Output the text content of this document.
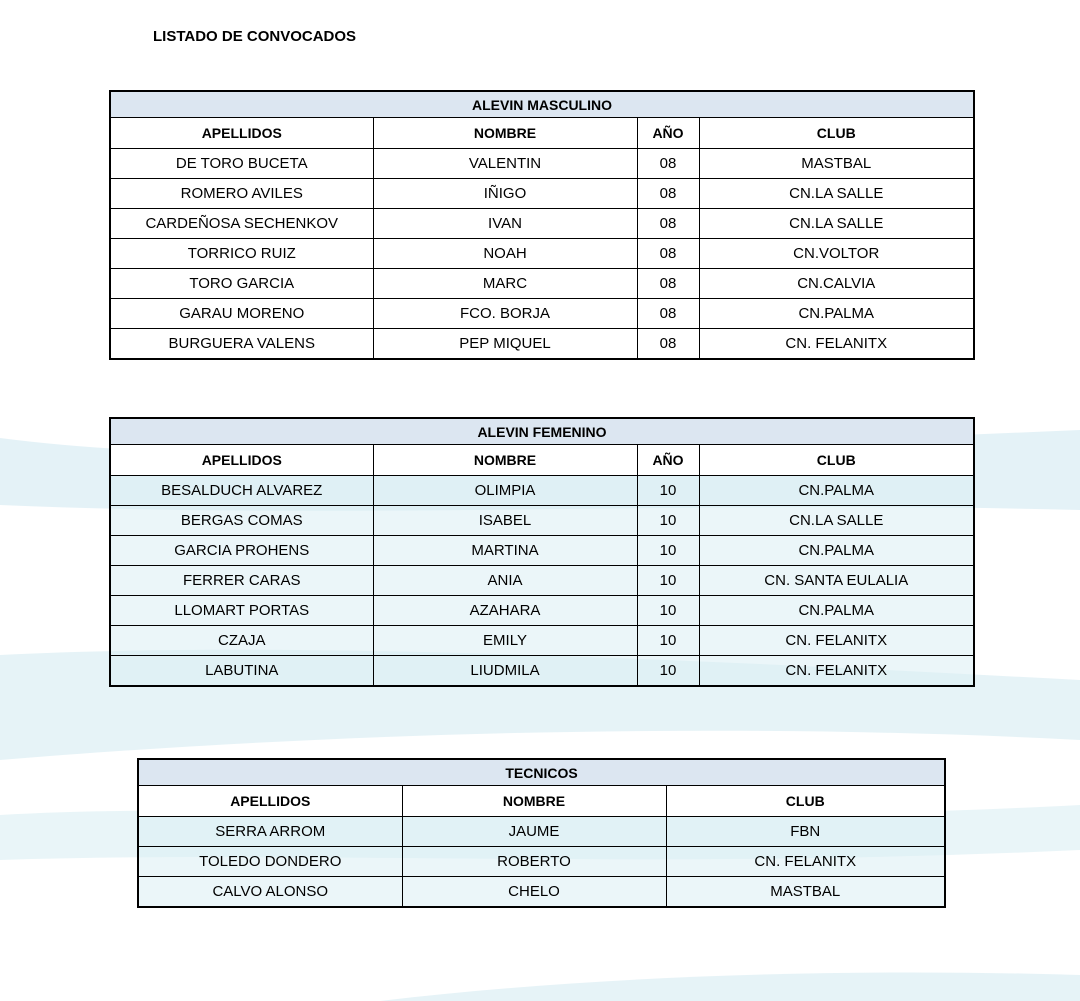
LISTADO DE CONVOCADOS
ALEVIN MASCULINO			
APELLIDOS	NOMBRE	AÑO	CLUB
DE TORO BUCETA	VALENTIN	08	MASTBAL
ROMERO AVILES	IÑIGO	08	CN.LA SALLE
CARDEÑOSA SECHENKOV	IVAN	08	CN.LA SALLE
TORRICO RUIZ	NOAH	08	CN.VOLTOR
TORO GARCIA	MARC	08	CN.CALVIA
GARAU MORENO	FCO. BORJA	08	CN.PALMA
BURGUERA VALENS	PEP MIQUEL	08	CN. FELANITX
ALEVIN FEMENINO			
APELLIDOS	NOMBRE	AÑO	CLUB
BESALDUCH ALVAREZ	OLIMPIA	10	CN.PALMA
BERGAS COMAS	ISABEL	10	CN.LA SALLE
GARCIA PROHENS	MARTINA	10	CN.PALMA
FERRER CARAS	ANIA	10	CN. SANTA EULALIA
LLOMART PORTAS	AZAHARA	10	CN.PALMA
CZAJA	EMILY	10	CN. FELANITX
LABUTINA	LIUDMILA	10	CN. FELANITX
TECNICOS		
APELLIDOS	NOMBRE	CLUB
SERRA ARROM	JAUME	FBN
TOLEDO DONDERO	ROBERTO	CN. FELANITX
CALVO ALONSO	CHELO	MASTBAL
